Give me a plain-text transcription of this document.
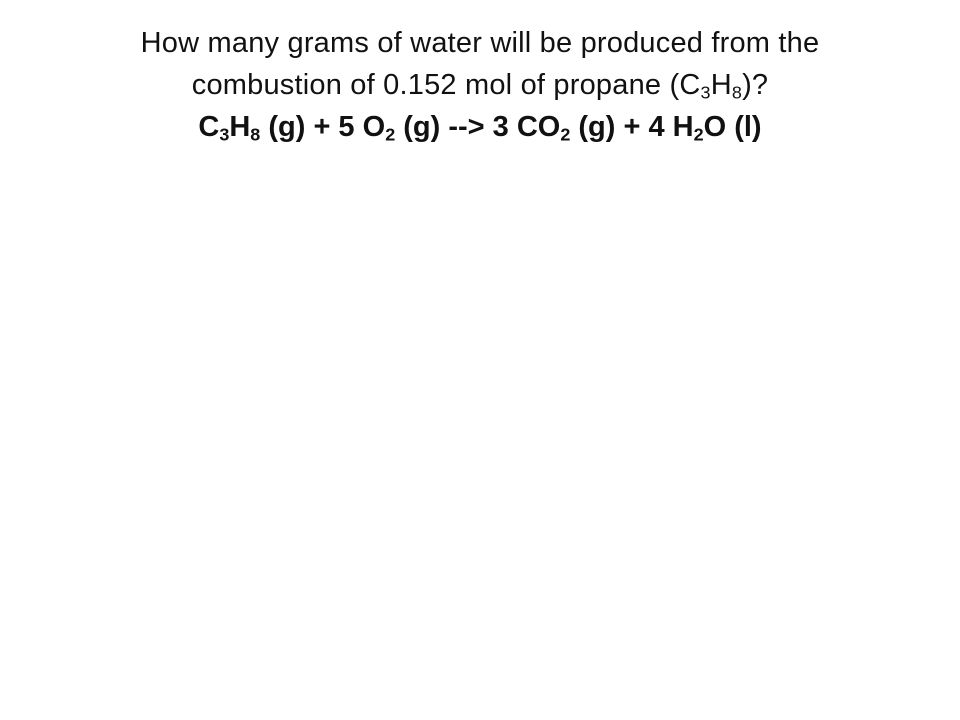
How many grams of water will be produced from the
combustion of 0.152 mol of propane $(C_3H_8)$?
$C_3H_8$ (g) + 5 $O_2$ (g) --> 3 $CO_2$ (g) + 4 $H_2O$ (l)
